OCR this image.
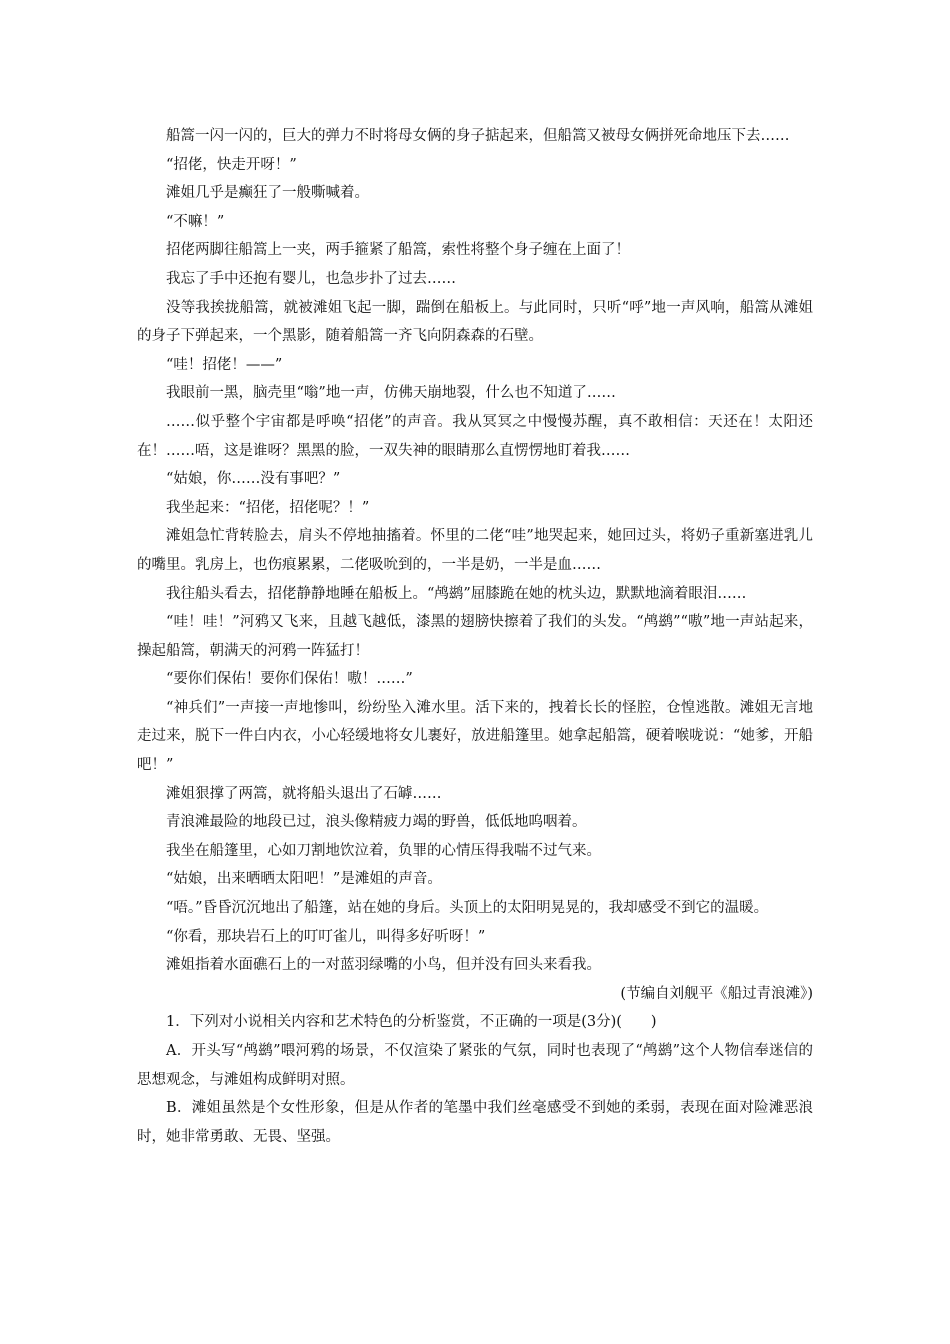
船篙一闪一闪的，巨大的弹力不时将母女俩的身子掂起来，但船篙又被母女俩拼死命地压下去……

“招佬，快走开呀！”

滩姐几乎是癫狂了一般嘶喊着。

“不嘛！”

招佬两脚往船篙上一夹，两手箍紧了船篙，索性将整个身子缠在上面了！

我忘了手中还抱有婴儿，也急步扑了过去……

没等我挨拢船篙，就被滩姐飞起一脚，踹倒在船板上。与此同时，只听“呼”地一声风响，船篙从滩姐的身子下弹起来，一个黑影，随着船篙一齐飞向阴森森的石壁。

“哇！招佬！——”

我眼前一黑，脑壳里“嗡”地一声，仿佛天崩地裂，什么也不知道了……

……似乎整个宇宙都是呼唤“招佬”的声音。我从冥冥之中慢慢苏醒，真不敢相信：天还在！太阳还在！……唔，这是谁呀？黑黑的脸，一双失神的眼睛那么直愣愣地盯着我……

“姑娘，你……没有事吧？”

我坐起来：“招佬，招佬呢？！”

滩姐急忙背转脸去，肩头不停地抽搐着。怀里的二佬“哇”地哭起来，她回过头，将奶子重新塞进乳儿的嘴里。乳房上，也伤痕累累，二佬吸吮到的，一半是奶，一半是血……

我往船头看去，招佬静静地睡在船板上。“鸬鹚”屈膝跪在她的枕头边，默默地滴着眼泪……

“哇！哇！”河鸦又飞来，且越飞越低，漆黑的翅膀快擦着了我们的头发。“鸬鹚”“嗷”地一声站起来，操起船篙，朝满天的河鸦一阵猛打！

“要你们保佑！要你们保佑！嗷！……”

“神兵们”一声接一声地惨叫，纷纷坠入滩水里。活下来的，拽着长长的怪腔，仓惶逃散。滩姐无言地走过来，脱下一件白内衣，小心轻缓地将女儿裹好，放进船篷里。她拿起船篙，硬着喉咙说：“她爹，开船吧！”

滩姐狠撑了两篙，就将船头退出了石罅……

青浪滩最险的地段已过，浪头像精疲力竭的野兽，低低地呜咽着。

我坐在船篷里，心如刀割地饮泣着，负罪的心情压得我喘不过气来。

“姑娘，出来晒晒太阳吧！”是滩姐的声音。

“唔。”昏昏沉沉地出了船篷，站在她的身后。头顶上的太阳明晃晃的，我却感受不到它的温暖。

“你看，那块岩石上的叮叮雀儿，叫得多好听呀！”

滩姐指着水面礁石上的一对蓝羽绿嘴的小鸟，但并没有回头来看我。

(节编自刘舰平《船过青浪滩》)

1．下列对小说相关内容和艺术特色的分析鉴赏，不正确的一项是(3分)(　　)

A．开头写“鸬鹚”喂河鸦的场景，不仅渲染了紧张的气氛，同时也表现了“鸬鹚”这个人物信奉迷信的思想观念，与滩姐构成鲜明对照。

B．滩姐虽然是个女性形象，但是从作者的笔墨中我们丝毫感受不到她的柔弱，表现在面对险滩恶浪时，她非常勇敢、无畏、坚强。
